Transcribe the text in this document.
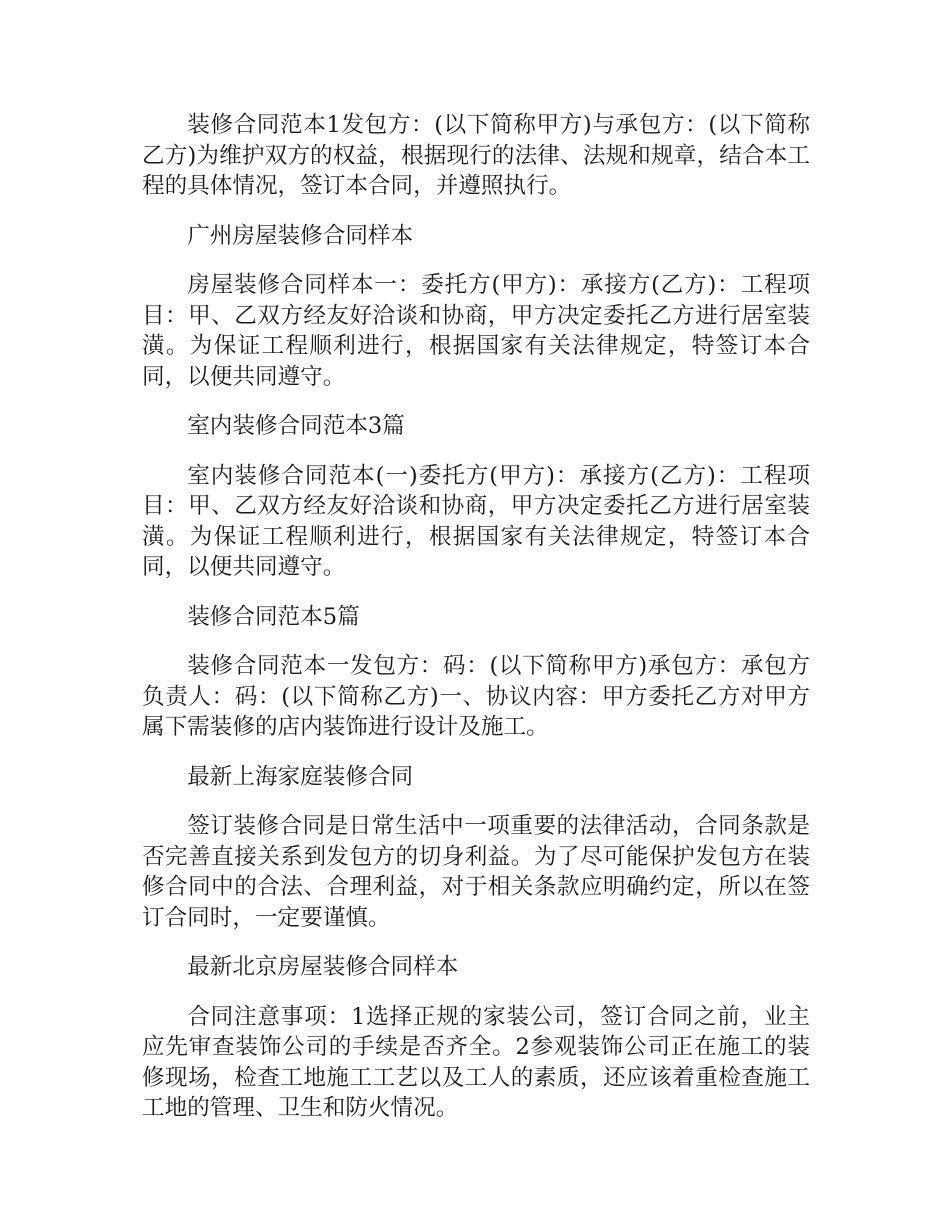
装修合同范本1发包方：(以下简称甲方)与承包方：(以下简称乙方)为维护双方的权益，根据现行的法律、法规和规章，结合本工程的具体情况，签订本合同，并遵照执行。

广州房屋装修合同样本

房屋装修合同样本一：委托方(甲方)：承接方(乙方)：工程项目：甲、乙双方经友好洽谈和协商，甲方决定委托乙方进行居室装潢。为保证工程顺利进行，根据国家有关法律规定，特签订本合同，以便共同遵守。

室内装修合同范本3篇

室内装修合同范本(一)委托方(甲方)：承接方(乙方)：工程项目：甲、乙双方经友好洽谈和协商，甲方决定委托乙方进行居室装潢。为保证工程顺利进行，根据国家有关法律规定，特签订本合同，以便共同遵守。

装修合同范本5篇

装修合同范本一发包方：码：(以下简称甲方)承包方：承包方负责人：码：(以下简称乙方)一、协议内容：甲方委托乙方对甲方属下需装修的店内装饰进行设计及施工。

最新上海家庭装修合同

签订装修合同是日常生活中一项重要的法律活动，合同条款是否完善直接关系到发包方的切身利益。为了尽可能保护发包方在装修合同中的合法、合理利益，对于相关条款应明确约定，所以在签订合同时，一定要谨慎。

最新北京房屋装修合同样本

合同注意事项：1选择正规的家装公司，签订合同之前，业主应先审查装饰公司的手续是否齐全。2参观装饰公司正在施工的装修现场，检查工地施工工艺以及工人的素质，还应该着重检查施工工地的管理、卫生和防火情况。
